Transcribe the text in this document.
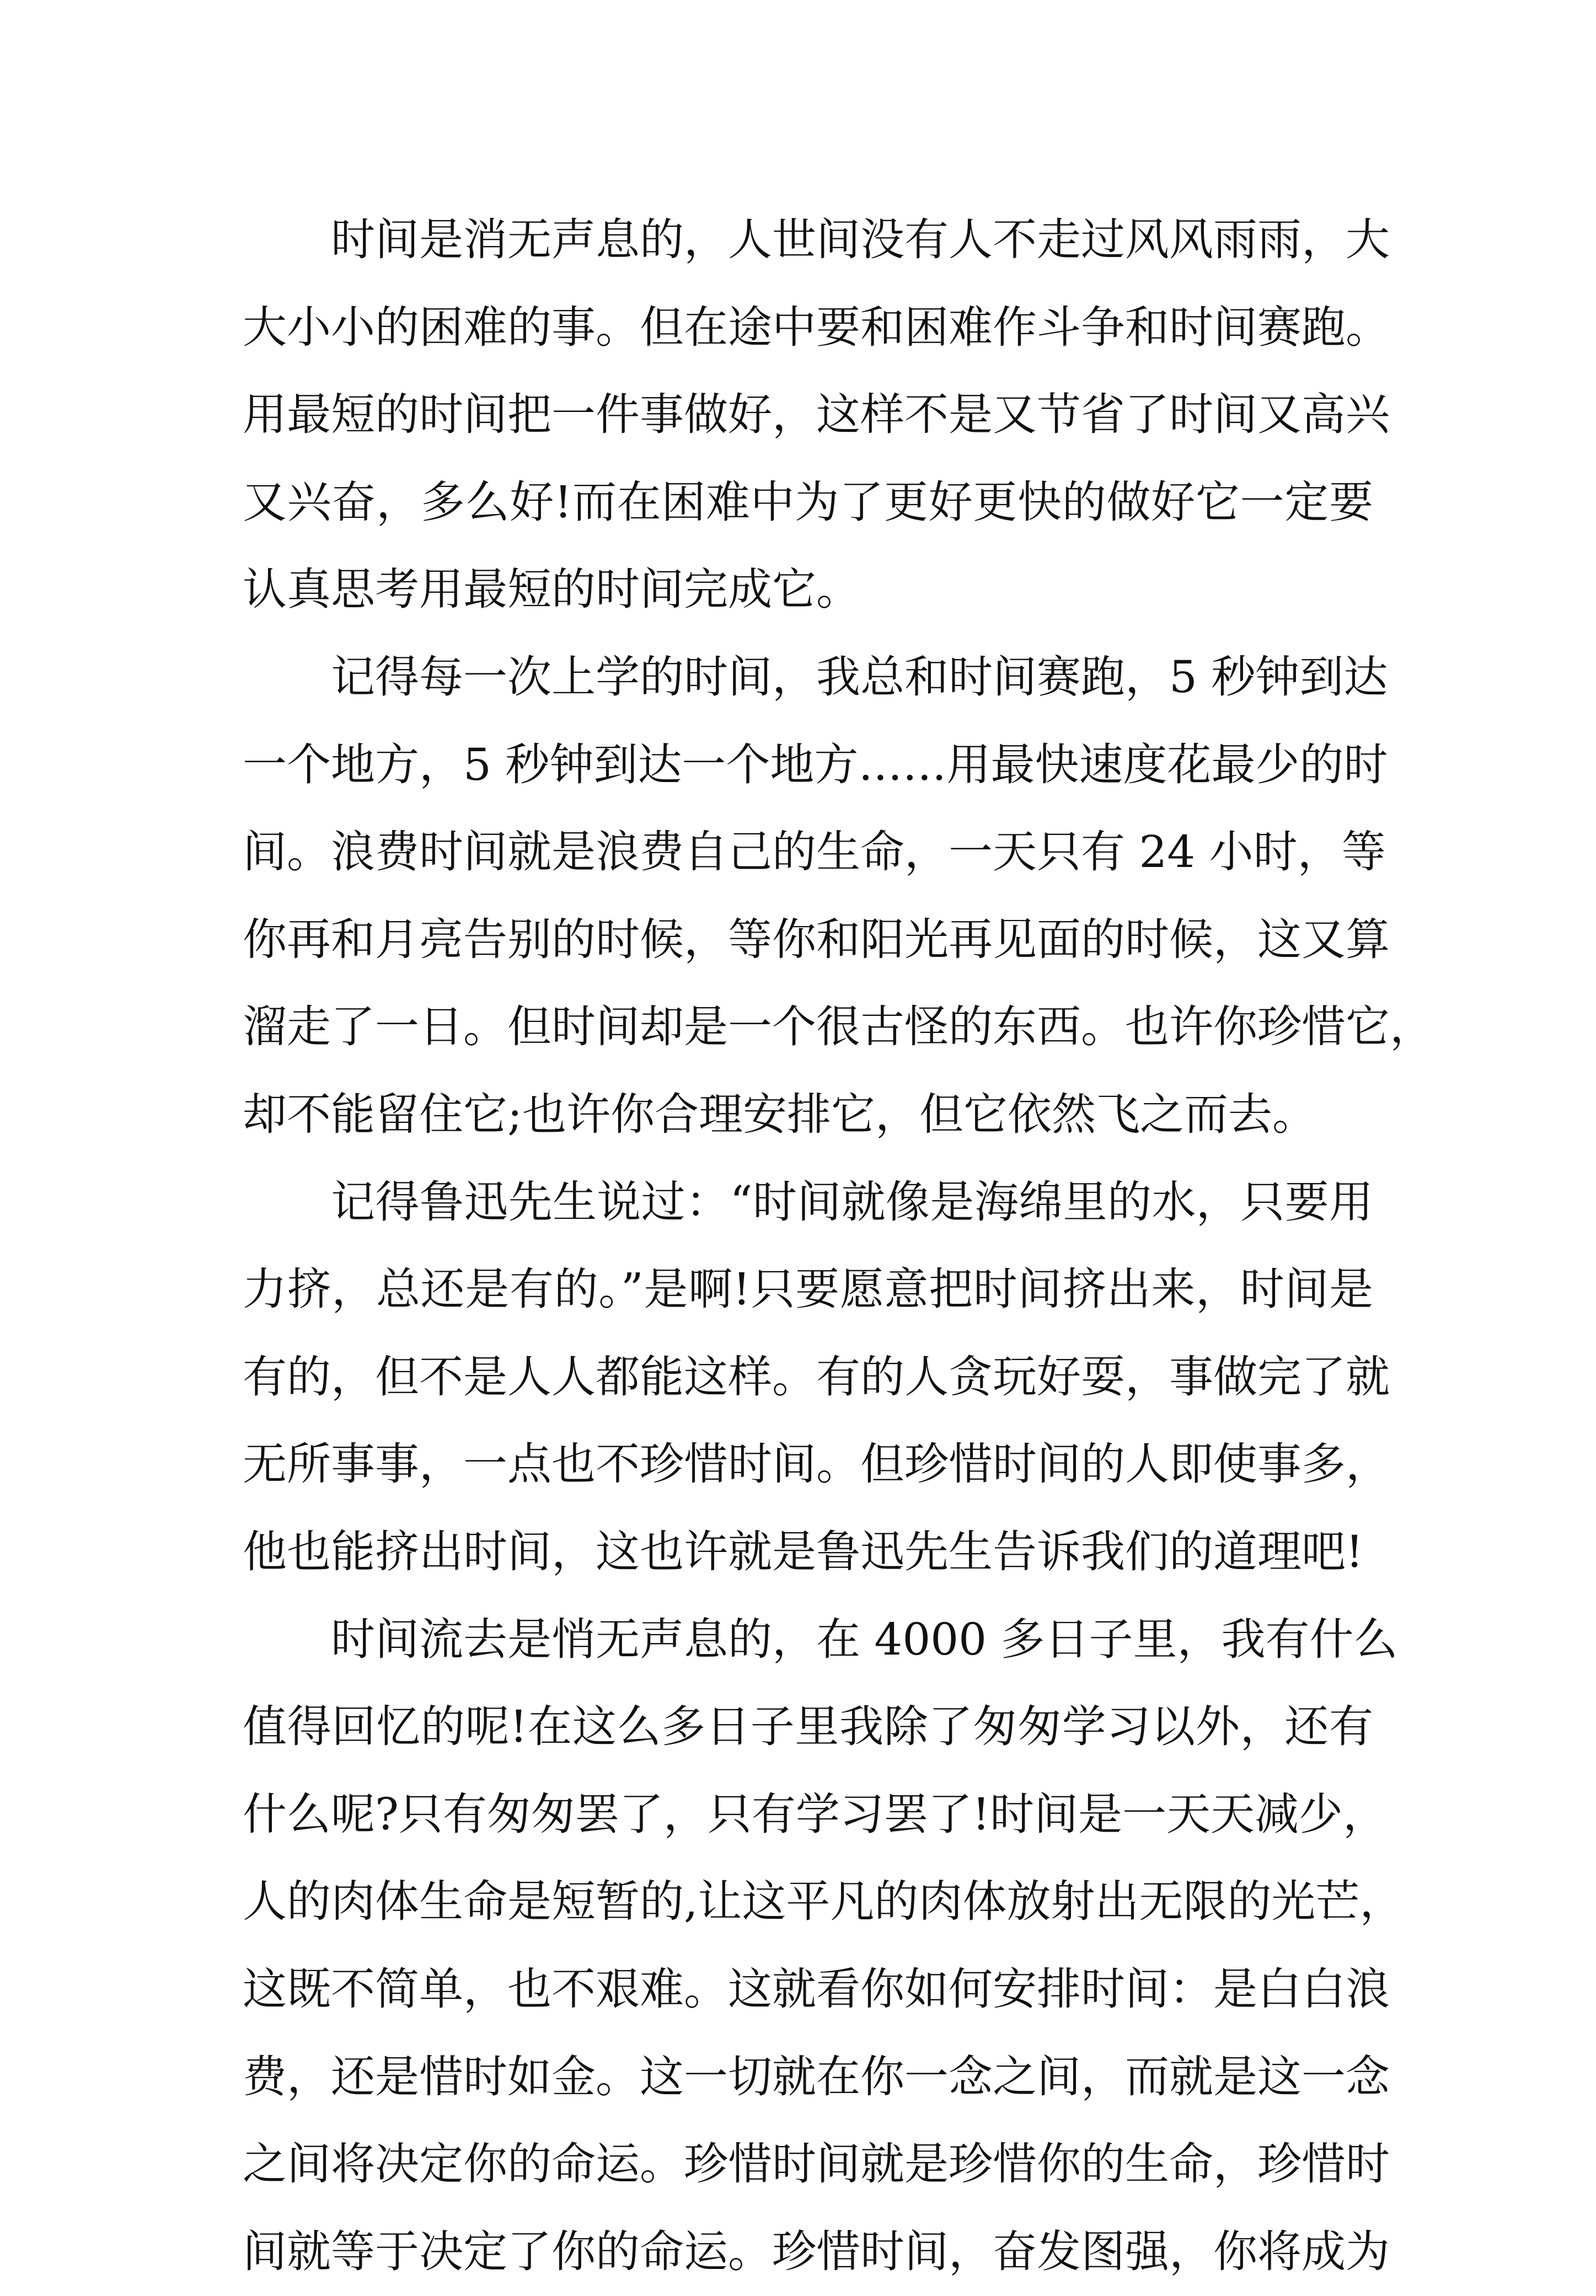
时间是消无声息的，人世间没有人不走过风风雨雨，大

大小小的困难的事。但在途中要和困难作斗争和时间赛跑。

用最短的时间把一件事做好，这样不是又节省了时间又高兴

又兴奋，多么好!而在困难中为了更好更快的做好它一定要

认真思考用最短的时间完成它。

记得每一次上学的时间，我总和时间赛跑，5 秒钟到达

一个地方，5 秒钟到达一个地方……用最快速度花最少的时

间。浪费时间就是浪费自己的生命，一天只有 24 小时，等

你再和月亮告别的时候，等你和阳光再见面的时候，这又算

溜走了一日。但时间却是一个很古怪的东西。也许你珍惜它，

却不能留住它;也许你合理安排它，但它依然飞之而去。

记得鲁迅先生说过：“时间就像是海绵里的水，只要用

力挤，总还是有的。”是啊!只要愿意把时间挤出来，时间是

有的，但不是人人都能这样。有的人贪玩好耍，事做完了就

无所事事，一点也不珍惜时间。但珍惜时间的人即使事多，

他也能挤出时间，这也许就是鲁迅先生告诉我们的道理吧!

时间流去是悄无声息的，在 4000 多日子里，我有什么

值得回忆的呢!在这么多日子里我除了匆匆学习以外，还有

什么呢?只有匆匆罢了，只有学习罢了!时间是一天天减少，

人的肉体生命是短暂的,让这平凡的肉体放射出无限的光芒，

这既不简单，也不艰难。这就看你如何安排时间：是白白浪

费，还是惜时如金。这一切就在你一念之间，而就是这一念

之间将决定你的命运。珍惜时间就是珍惜你的生命，珍惜时

间就等于决定了你的命运。珍惜时间，奋发图强，你将成为
